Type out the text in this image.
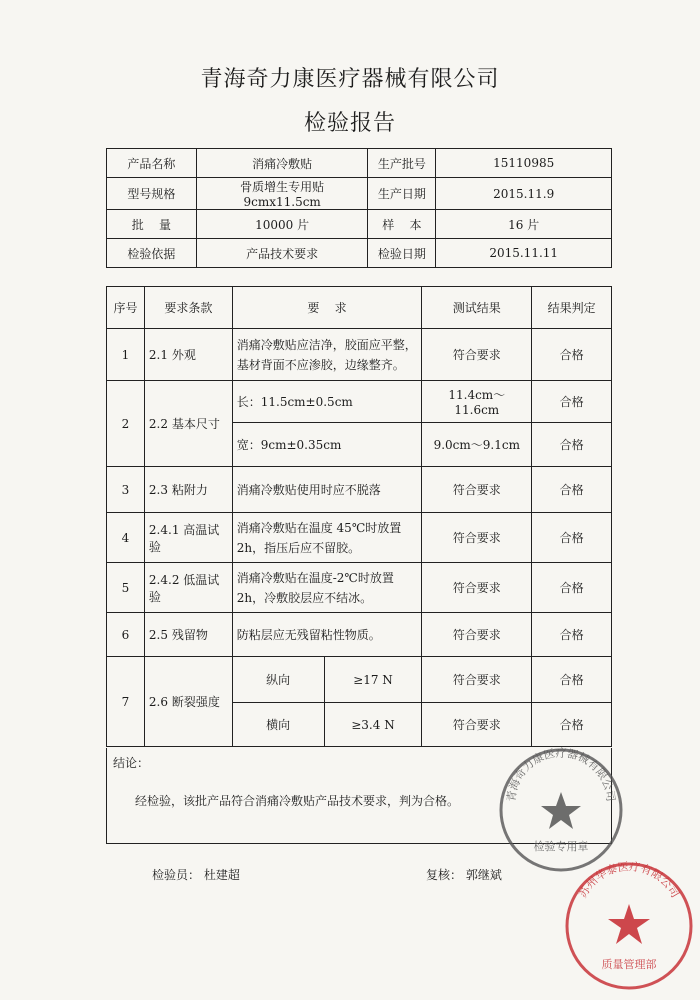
青海奇力康医疗器械有限公司
检验报告
产品名称	消痛冷敷贴	生产批号	15110985
型号规格	骨质增生专用贴 9cmx11.5cm	生产日期	2015.11.9
批    量	10000 片	样    本	16 片
检验依据	产品技术要求	检验日期	2015.11.11
序号	要求条款	要    求		测试结果	结果判定
1	2.1 外观	消痛冷敷贴应洁净，胶面应平整，基材背面不应渗胶，边缘整齐。		符合要求	合格
2	2.2 基本尺寸	长：11.5cm±0.5cm		11.4cm～11.6cm	合格
		宽：9cm±0.35cm		9.0cm～9.1cm	合格
3	2.3 粘附力	消痛冷敷贴使用时应不脱落		符合要求	合格
4	2.4.1 高温试验	消痛冷敷贴在温度 45℃时放置 2h，指压后应不留胶。		符合要求	合格
5	2.4.2 低温试验	消痛冷敷贴在温度-2℃时放置 2h，冷敷胶层应不结冰。		符合要求	合格
6	2.5 残留物	防粘层应无残留粘性物质。		符合要求	合格
7	2.6 断裂强度	纵向	≥17 N	符合要求	合格
		横向	≥3.4 N	符合要求	合格
结论：
经检验，该批产品符合消痛冷敷贴产品技术要求，判为合格。
检验员： 杜建超	复核： 郭继斌
青海奇力康医疗器械有限公司
检验专用章
苏州华泰医疗有限公司
质量管理部
